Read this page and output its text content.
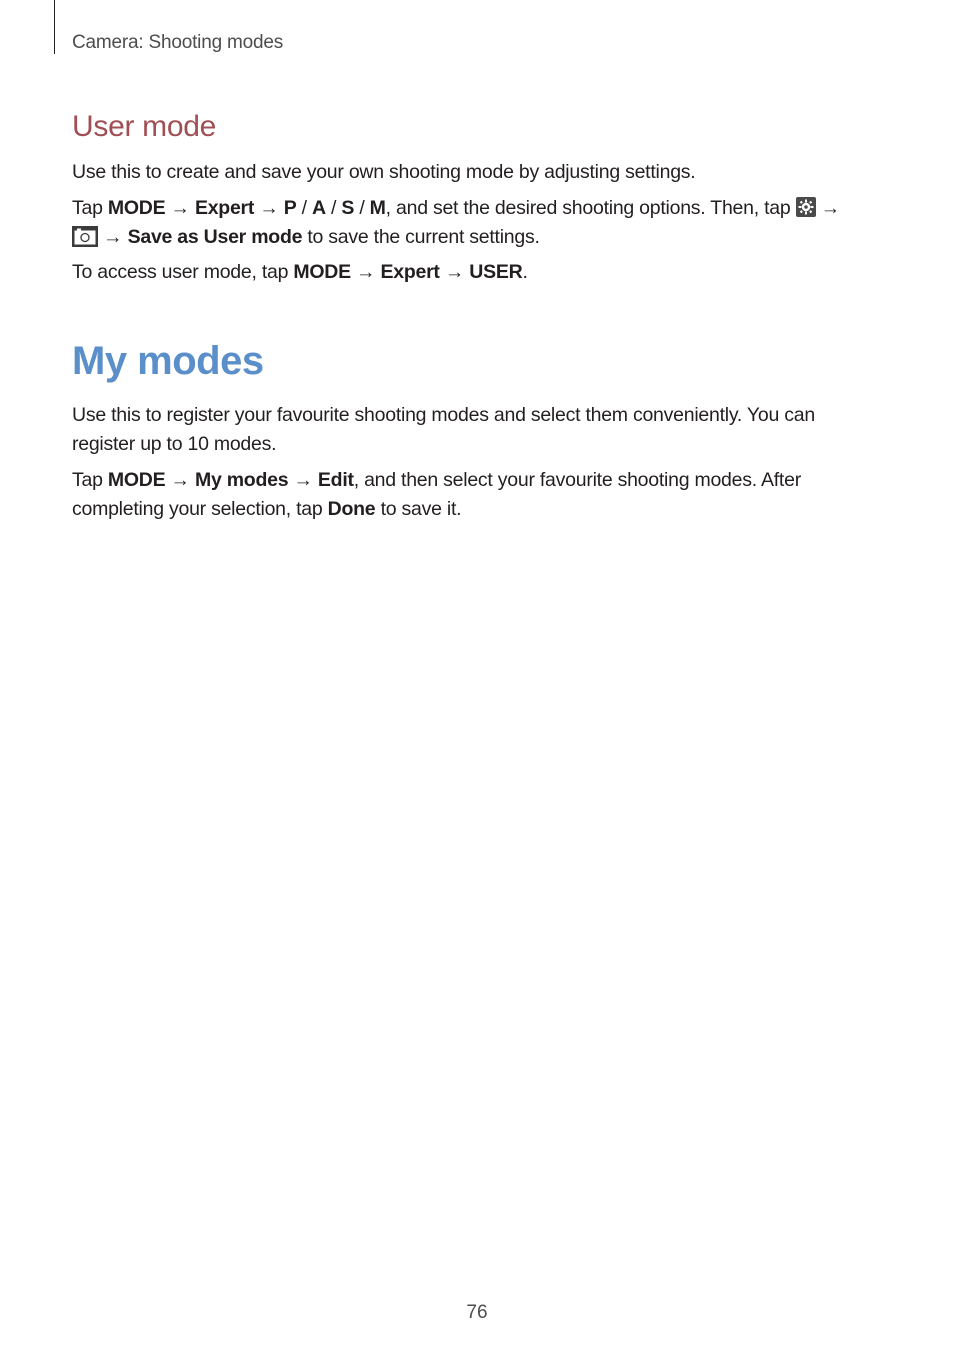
Camera: Shooting modes
User mode

Use this to create and save your own shooting mode by adjusting settings.

Tap MODE → Expert → P / A / S / M, and set the desired shooting options. Then, tap
→

→ Save as User mode to save the current settings.

To access user mode, tap MODE → Expert → USER.

My modes

Use this to register your favourite shooting modes and select them conveniently. You can register up to 10 modes.

Tap MODE → My modes → Edit, and then select your favourite shooting modes. After completing your selection, tap Done to save it.

76
